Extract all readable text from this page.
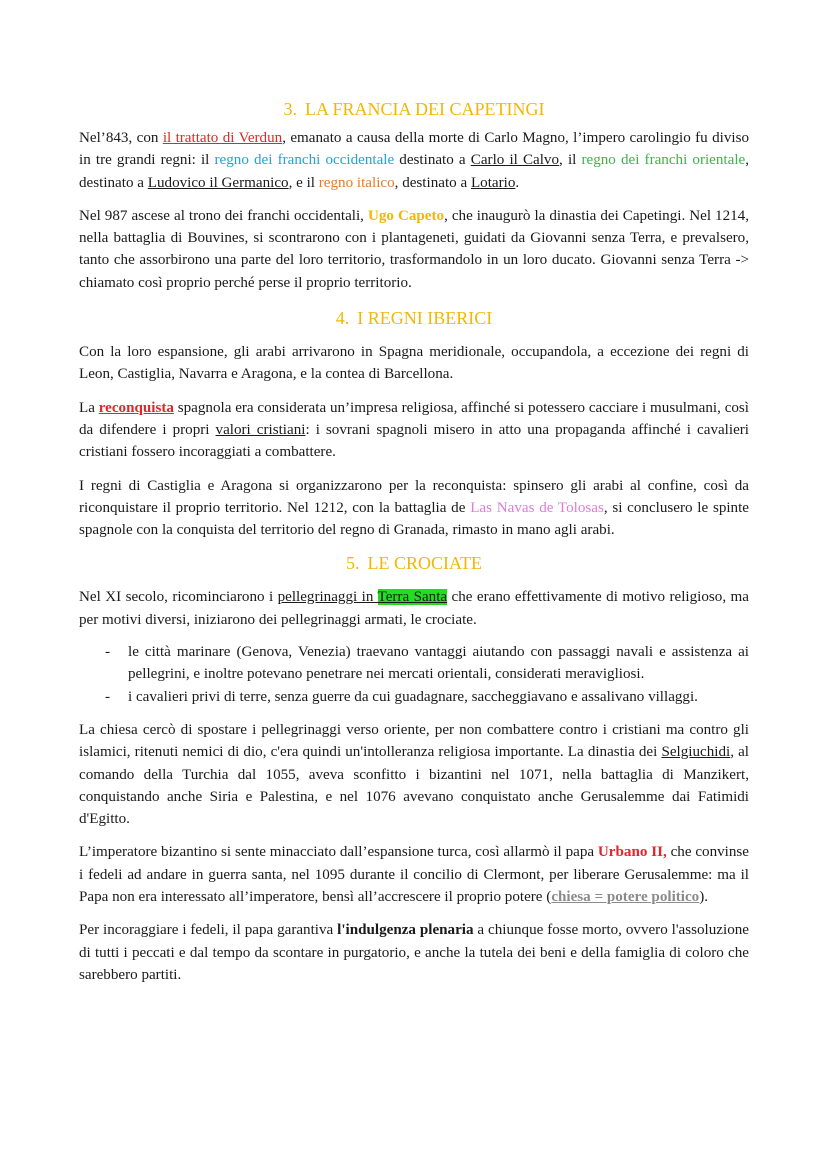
3. LA FRANCIA DEI CAPETINGI

Nel’843, con il trattato di Verdun, emanato a causa della morte di Carlo Magno, l’impero carolingio fu diviso in tre grandi regni: il regno dei franchi occidentale destinato a Carlo il Calvo, il regno dei franchi orientale, destinato a Ludovico il Germanico, e il regno italico, destinato a Lotario.

Nel 987 ascese al trono dei franchi occidentali, Ugo Capeto, che inaugurò la dinastia dei Capetingi. Nel 1214, nella battaglia di Bouvines, si scontrarono con i plantageneti, guidati da Giovanni senza Terra, e prevalsero, tanto che assorbirono una parte del loro territorio, trasformandolo in un loro ducato. Giovanni senza Terra -> chiamato così proprio perché perse il proprio territorio.

4. I REGNI IBERICI

Con la loro espansione, gli arabi arrivarono in Spagna meridionale, occupandola, a eccezione dei regni di Leon, Castiglia, Navarra e Aragona, e la contea di Barcellona.

La reconquista spagnola era considerata un’impresa religiosa, affinché si potessero cacciare i musulmani, così da difendere i propri valori cristiani: i sovrani spagnoli misero in atto una propaganda affinché i cavalieri cristiani fossero incoraggiati a combattere.

I regni di Castiglia e Aragona si organizzarono per la reconquista: spinsero gli arabi al confine, così da riconquistare il proprio territorio. Nel 1212, con la battaglia de Las Navas de Tolosas, si conclusero le spinte spagnole con la conquista del territorio del regno di Granada, rimasto in mano agli arabi.

5. LE CROCIATE

Nel XI secolo, ricominciarono i pellegrinaggi in Terra Santa che erano effettivamente di motivo religioso, ma per motivi diversi, iniziarono dei pellegrinaggi armati, le crociate.

- le città marinare (Genova, Venezia) traevano vantaggi aiutando con passaggi navali e assistenza ai pellegrini, e inoltre potevano penetrare nei mercati orientali, considerati meravigliosi.
- i cavalieri privi di terre, senza guerre da cui guadagnare, saccheggiavano e assalivano villaggi.

La chiesa cercò di spostare i pellegrinaggi verso oriente, per non combattere contro i cristiani ma contro gli islamici, ritenuti nemici di dio, c'era quindi un'intolleranza religiosa importante. La dinastia dei Selgiuchidi, al comando della Turchia dal 1055, aveva sconfitto i bizantini nel 1071, nella battaglia di Manzikert, conquistando anche Siria e Palestina, e nel 1076 avevano conquistato anche Gerusalemme dai Fatimidi d'Egitto.

L’imperatore bizantino si sente minacciato dall’espansione turca, così allarmò il papa Urbano II, che convinse i fedeli ad andare in guerra santa, nel 1095 durante il concilio di Clermont, per liberare Gerusalemme: ma il Papa non era interessato all’imperatore, bensì all’accrescere il proprio potere (chiesa = potere politico).

Per incoraggiare i fedeli, il papa garantiva l'indulgenza plenaria a chiunque fosse morto, ovvero l'assoluzione di tutti i peccati e dal tempo da scontare in purgatorio, e anche la tutela dei beni e della famiglia di coloro che sarebbero partiti.
